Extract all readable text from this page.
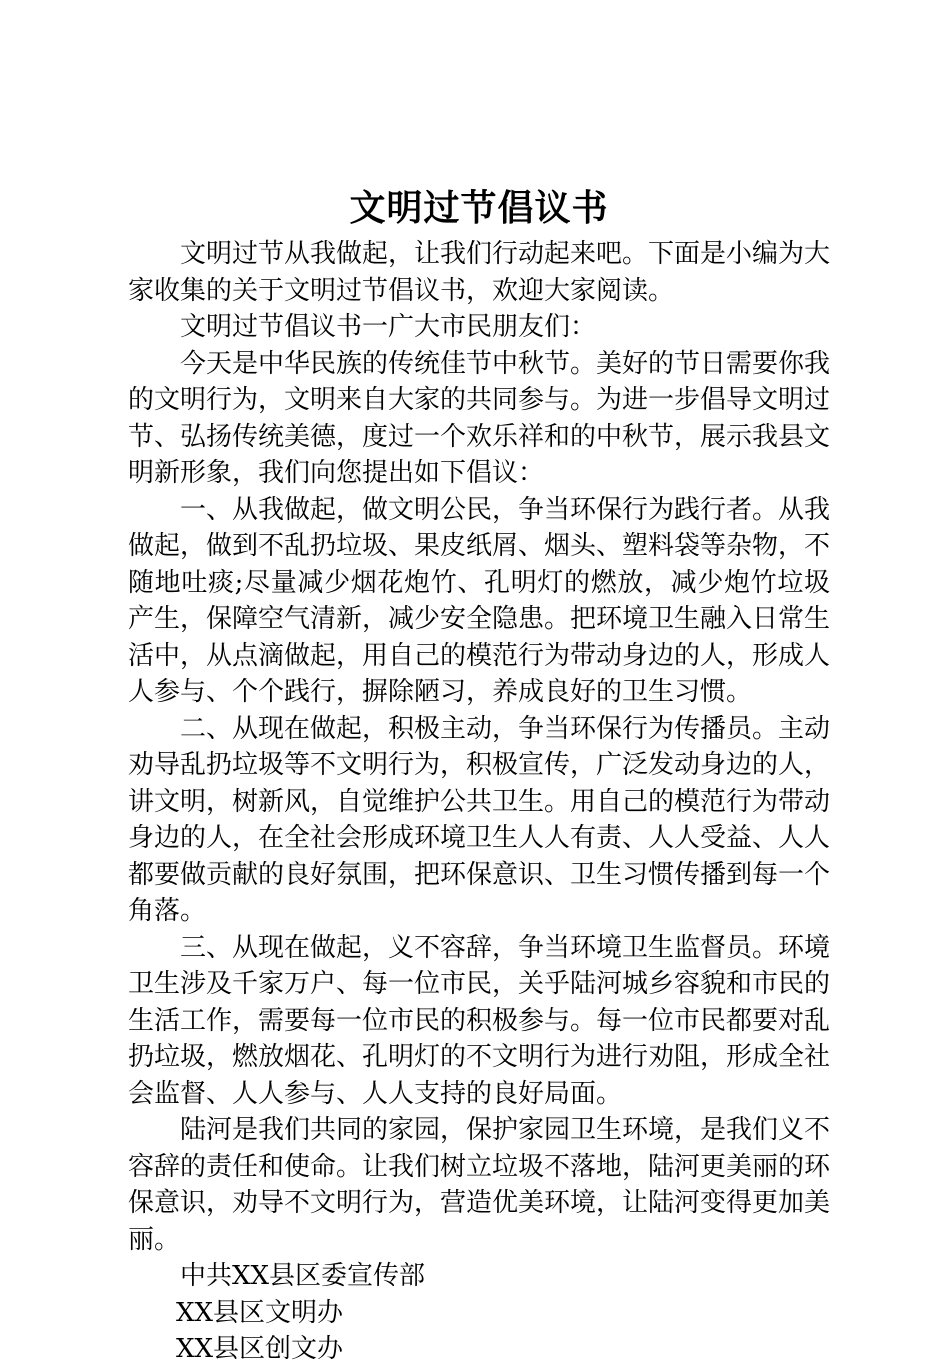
文明过节倡议书

文明过节从我做起，让我们行动起来吧。下面是小编为大家收集的关于文明过节倡议书，欢迎大家阅读。

文明过节倡议书一广大市民朋友们：

今天是中华民族的传统佳节中秋节。美好的节日需要你我的文明行为，文明来自大家的共同参与。为进一步倡导文明过节、弘扬传统美德，度过一个欢乐祥和的中秋节，展示我县文明新形象，我们向您提出如下倡议：

一、从我做起，做文明公民，争当环保行为践行者。从我做起，做到不乱扔垃圾、果皮纸屑、烟头、塑料袋等杂物，不随地吐痰;尽量减少烟花炮竹、孔明灯的燃放，减少炮竹垃圾产生，保障空气清新，减少安全隐患。把环境卫生融入日常生活中，从点滴做起，用自己的模范行为带动身边的人，形成人人参与、个个践行，摒除陋习，养成良好的卫生习惯。

二、从现在做起，积极主动，争当环保行为传播员。主动劝导乱扔垃圾等不文明行为，积极宣传，广泛发动身边的人，讲文明，树新风，自觉维护公共卫生。用自己的模范行为带动身边的人，在全社会形成环境卫生人人有责、人人受益、人人都要做贡献的良好氛围，把环保意识、卫生习惯传播到每一个角落。

三、从现在做起，义不容辞，争当环境卫生监督员。环境卫生涉及千家万户、每一位市民，关乎陆河城乡容貌和市民的生活工作，需要每一位市民的积极参与。每一位市民都要对乱扔垃圾，燃放烟花、孔明灯的不文明行为进行劝阻，形成全社会监督、人人参与、人人支持的良好局面。

陆河是我们共同的家园，保护家园卫生环境，是我们义不容辞的责任和使命。让我们树立垃圾不落地，陆河更美丽的环保意识，劝导不文明行为，营造优美环境，让陆河变得更加美丽。

中共XX县区委宣传部

XX县区文明办

XX县区创文办
